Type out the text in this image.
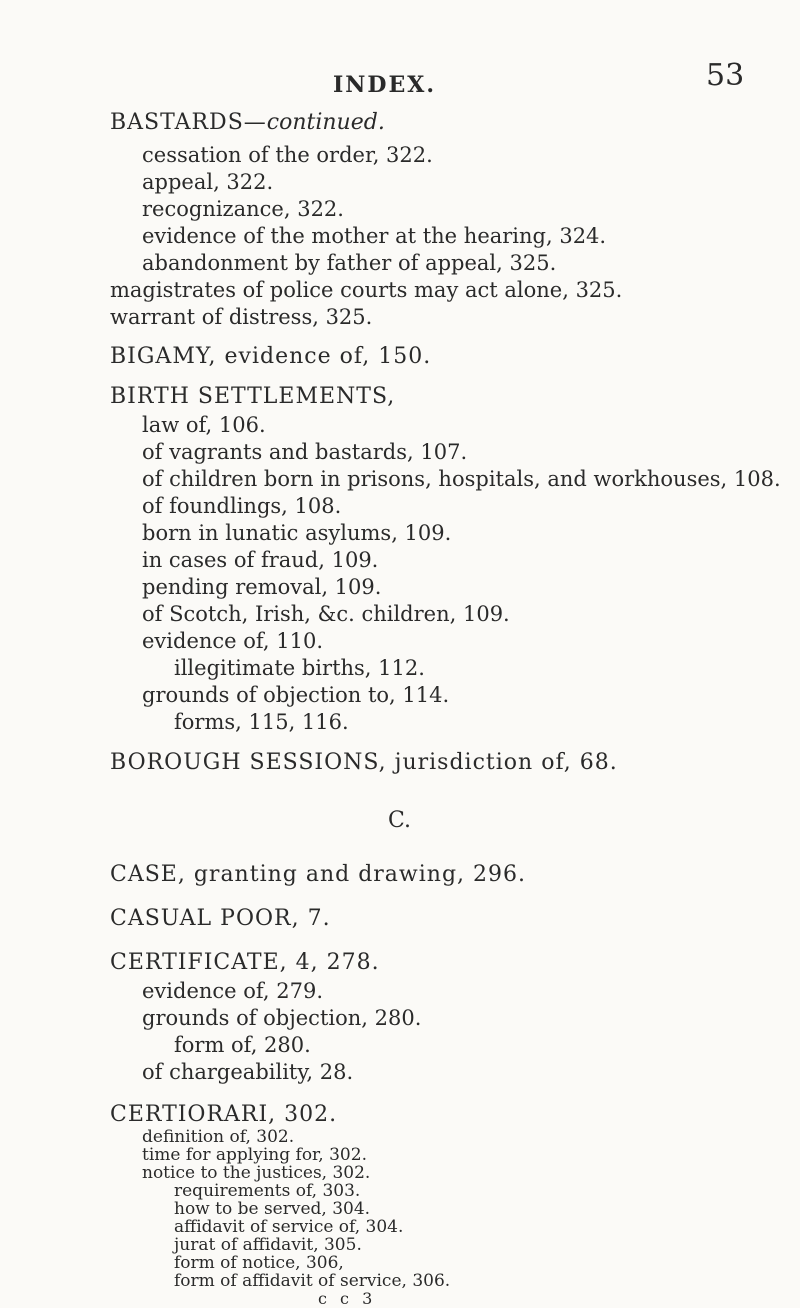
INDEX.	53
BASTARDS—continued.
cessation of the order, 322.
appeal, 322.
recognizance, 322.
evidence of the mother at the hearing, 324.
abandonment by father of appeal, 325.
magistrates of police courts may act alone, 325.
warrant of distress, 325.
BIGAMY, evidence of, 150.
BIRTH SETTLEMENTS,
law of, 106.
of vagrants and bastards, 107.
of children born in prisons, hospitals, and workhouses, 108.
of foundlings, 108.
born in lunatic asylums, 109.
in cases of fraud, 109.
pending removal, 109.
of Scotch, Irish, &c. children, 109.
evidence of, 110.
illegitimate births, 112.
grounds of objection to, 114.
forms, 115, 116.
BOROUGH SESSIONS, jurisdiction of, 68.
C.
CASE, granting and drawing, 296.
CASUAL POOR, 7.
CERTIFICATE, 4, 278.
evidence of, 279.
grounds of objection, 280.
form of, 280.
of chargeability, 28.
CERTIORARI, 302.
definition of, 302.
time for applying for, 302.
notice to the justices, 302.
requirements of, 303.
how to be served, 304.
affidavit of service of, 304.
jurat of affidavit, 305.
form of notice, 306,
form of affidavit of service, 306.
c c 3
